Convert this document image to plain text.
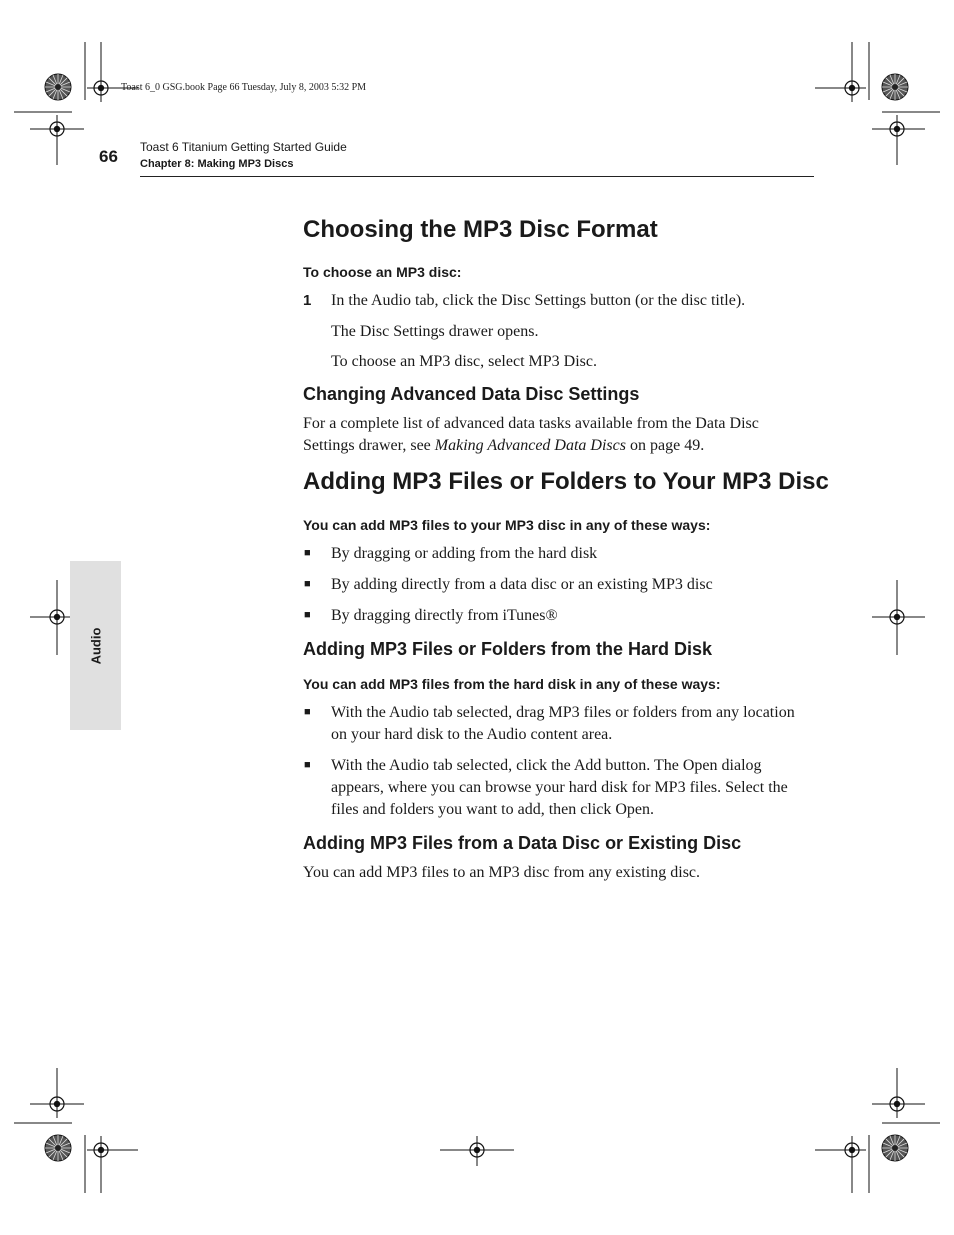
Toast 6_0 GSG.book Page 66 Tuesday, July 8, 2003 5:32 PM
66 Toast 6 Titanium Getting Started Guide
Chapter 8: Making MP3 Discs
Audio
Choosing the MP3 Disc Format
To choose an MP3 disc:
1 In the Audio tab, click the Disc Settings button (or the disc title).
The Disc Settings drawer opens.
To choose an MP3 disc, select MP3 Disc.
Changing Advanced Data Disc Settings
For a complete list of advanced data tasks available from the Data Disc Settings drawer, see Making Advanced Data Discs on page 49.
Adding MP3 Files or Folders to Your MP3 Disc
You can add MP3 files to your MP3 disc in any of these ways:
■ By dragging or adding from the hard disk
■ By adding directly from a data disc or an existing MP3 disc
■ By dragging directly from iTunes®
Adding MP3 Files or Folders from the Hard Disk
You can add MP3 files from the hard disk in any of these ways:
■ With the Audio tab selected, drag MP3 files or folders from any location on your hard disk to the Audio content area.
■ With the Audio tab selected, click the Add button. The Open dialog appears, where you can browse your hard disk for MP3 files. Select the files and folders you want to add, then click Open.
Adding MP3 Files from a Data Disc or Existing Disc
You can add MP3 files to an MP3 disc from any existing disc.
